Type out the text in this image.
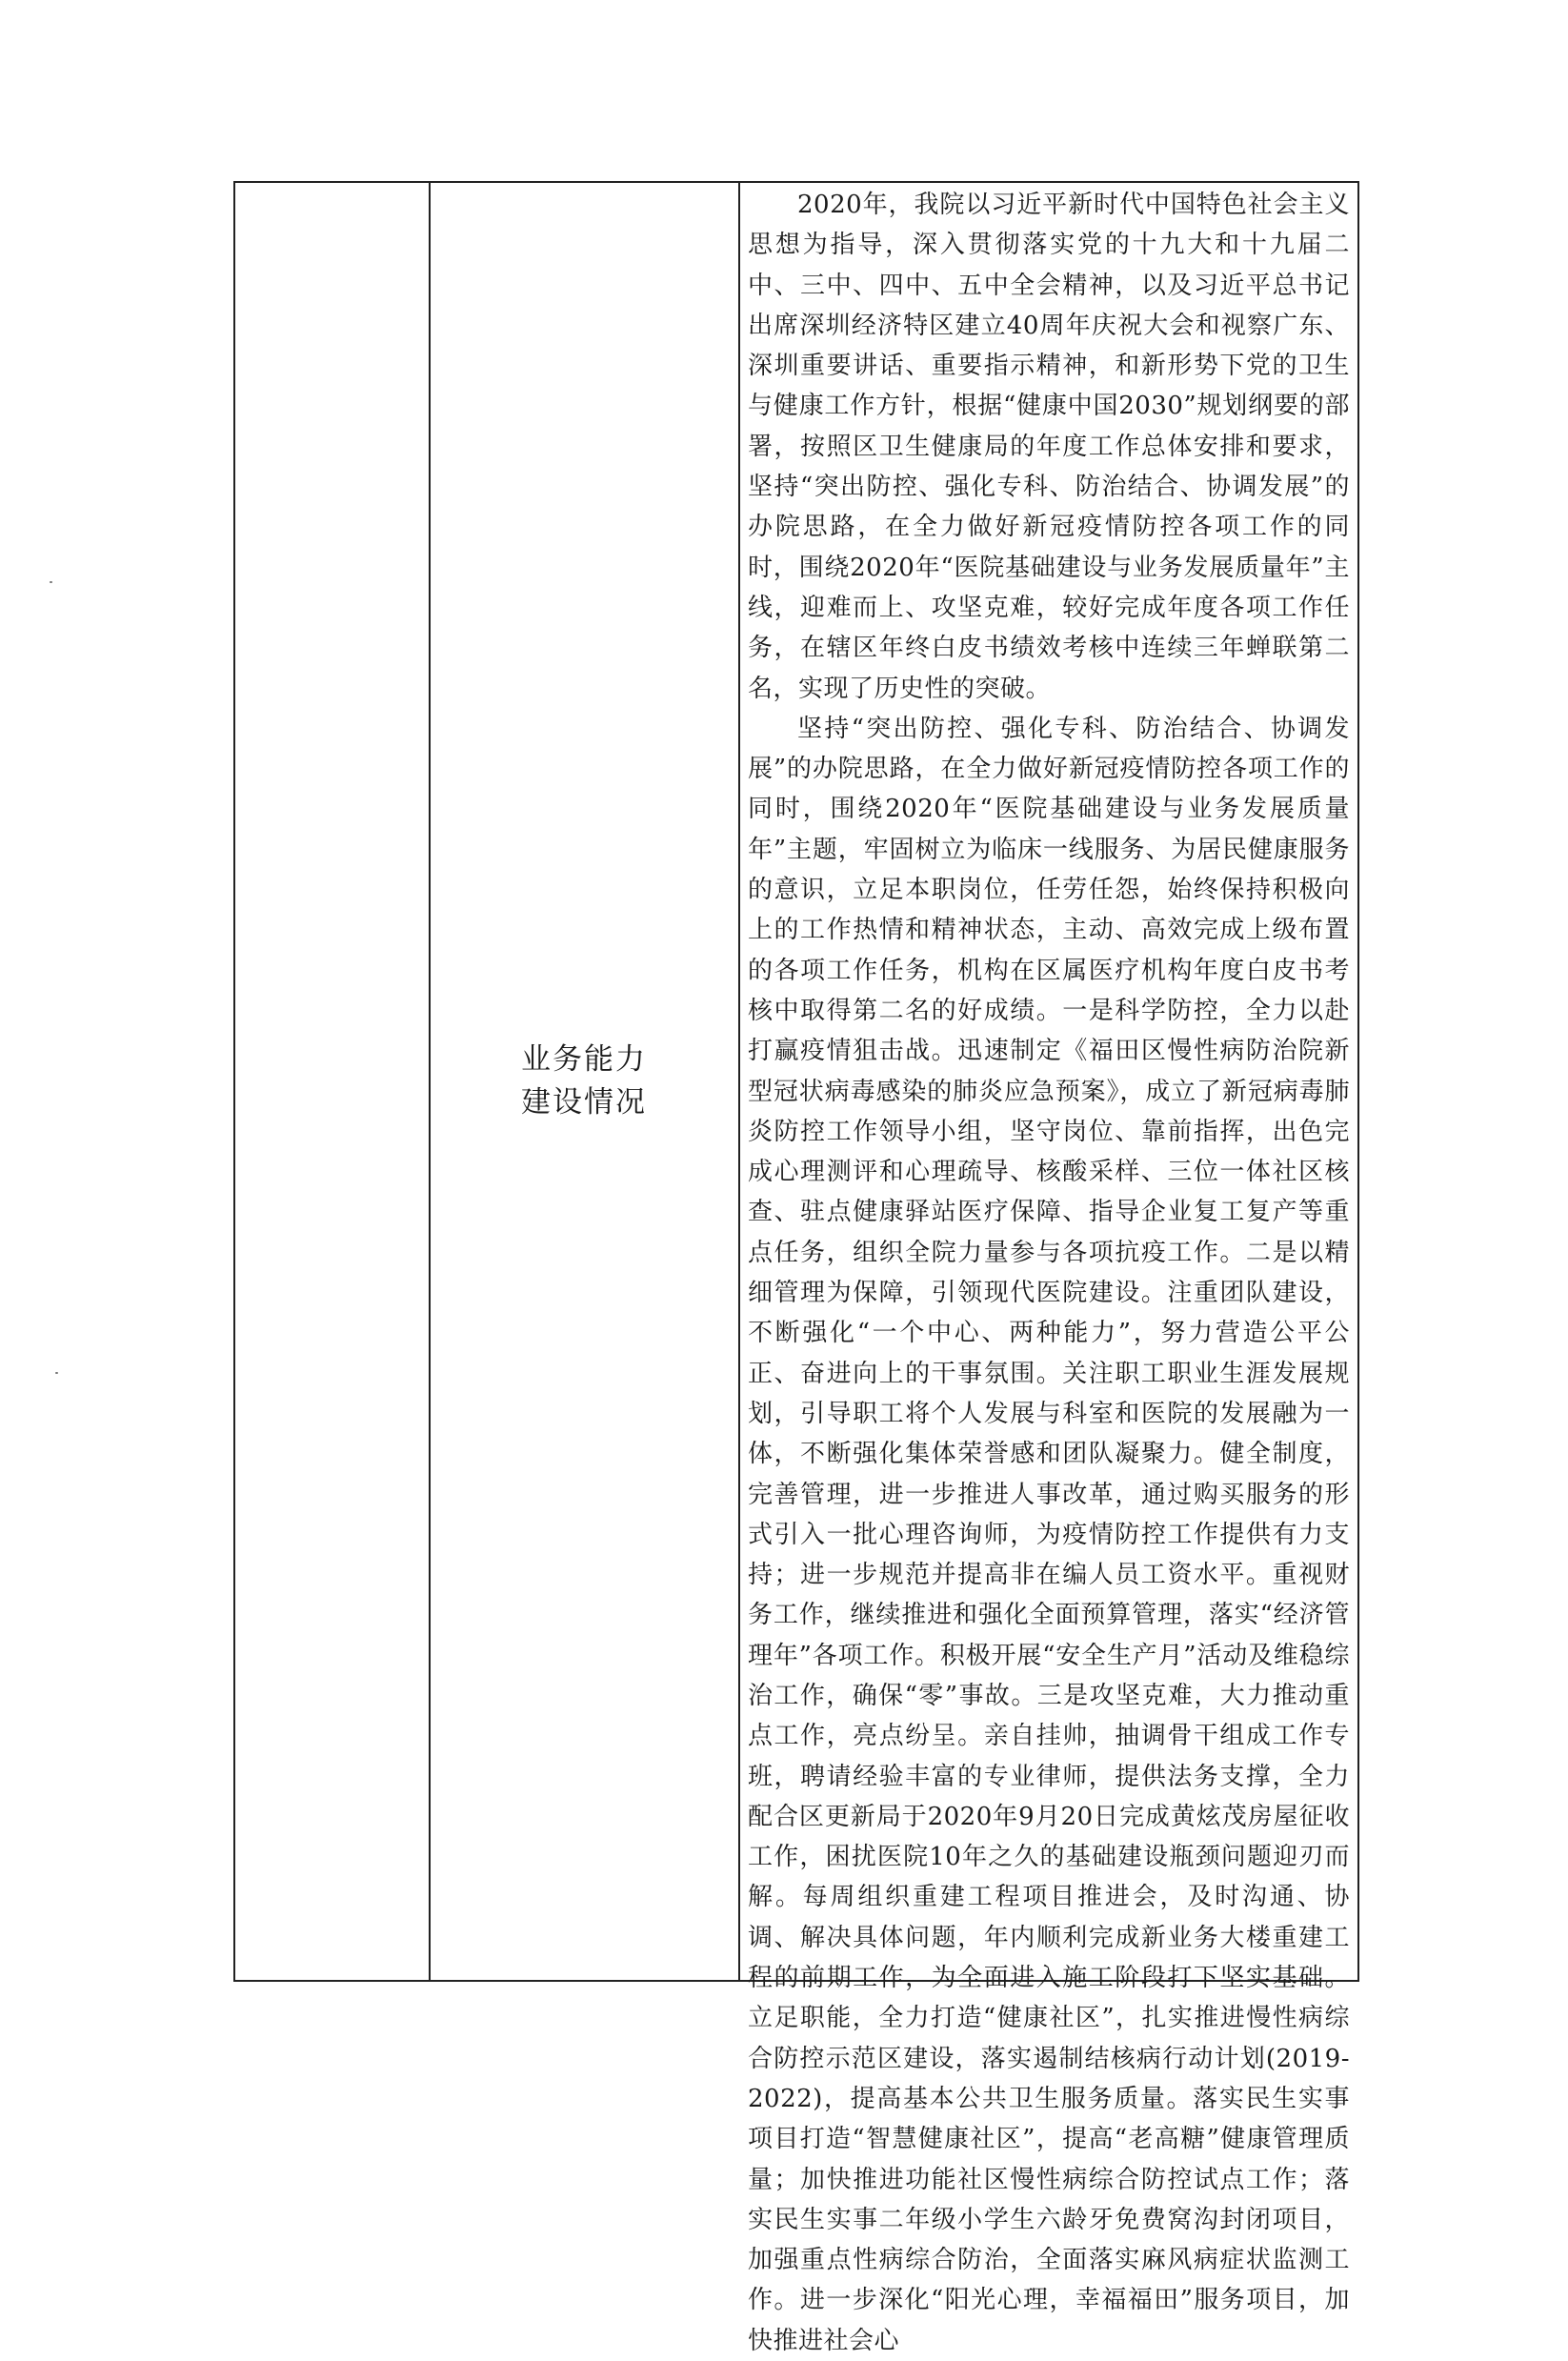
业务能力
建设情况

2020年，我院以习近平新时代中国特色社会主义思想为指导，深入贯彻落实党的十九大和十九届二中、三中、四中、五中全会精神，以及习近平总书记出席深圳经济特区建立40周年庆祝大会和视察广东、深圳重要讲话、重要指示精神，和新形势下党的卫生与健康工作方针，根据“健康中国2030”规划纲要的部署，按照区卫生健康局的年度工作总体安排和要求，坚持“突出防控、强化专科、防治结合、协调发展”的办院思路，在全力做好新冠疫情防控各项工作的同时，围绕2020年“医院基础建设与业务发展质量年”主线，迎难而上、攻坚克难，较好完成年度各项工作任务，在辖区年终白皮书绩效考核中连续三年蝉联第二名，实现了历史性的突破。

坚持“突出防控、强化专科、防治结合、协调发展”的办院思路，在全力做好新冠疫情防控各项工作的同时，围绕2020年“医院基础建设与业务发展质量年”主题，牢固树立为临床一线服务、为居民健康服务的意识，立足本职岗位，任劳任怨，始终保持积极向上的工作热情和精神状态，主动、高效完成上级布置的各项工作任务，机构在区属医疗机构年度白皮书考核中取得第二名的好成绩。一是科学防控，全力以赴打赢疫情狙击战。迅速制定《福田区慢性病防治院新型冠状病毒感染的肺炎应急预案》，成立了新冠病毒肺炎防控工作领导小组，坚守岗位、靠前指挥，出色完成心理测评和心理疏导、核酸采样、三位一体社区核查、驻点健康驿站医疗保障、指导企业复工复产等重点任务，组织全院力量参与各项抗疫工作。二是以精细管理为保障，引领现代医院建设。注重团队建设，不断强化“一个中心、两种能力”，努力营造公平公正、奋进向上的干事氛围。关注职工职业生涯发展规划，引导职工将个人发展与科室和医院的发展融为一体，不断强化集体荣誉感和团队凝聚力。健全制度，完善管理，进一步推进人事改革，通过购买服务的形式引入一批心理咨询师，为疫情防控工作提供有力支持；进一步规范并提高非在编人员工资水平。重视财务工作，继续推进和强化全面预算管理，落实“经济管理年”各项工作。积极开展“安全生产月”活动及维稳综治工作，确保“零”事故。三是攻坚克难，大力推动重点工作，亮点纷呈。亲自挂帅，抽调骨干组成工作专班，聘请经验丰富的专业律师，提供法务支撑，全力配合区更新局于2020年9月20日完成黄炫茂房屋征收工作，困扰医院10年之久的基础建设瓶颈问题迎刃而解。每周组织重建工程项目推进会，及时沟通、协调、解决具体问题，年内顺利完成新业务大楼重建工程的前期工作，为全面进入施工阶段打下坚实基础。立足职能，全力打造“健康社区”，扎实推进慢性病综合防控示范区建设，落实遏制结核病行动计划(2019-2022)，提高基本公共卫生服务质量。落实民生实事项目打造“智慧健康社区”，提高“老高糖”健康管理质量；加快推进功能社区慢性病综合防控试点工作；落实民生实事二年级小学生六龄牙免费窝沟封闭项目，加强重点性病综合防治，全面落实麻风病症状监测工作。进一步深化“阳光心理，幸福福田”服务项目，加快推进社会心
